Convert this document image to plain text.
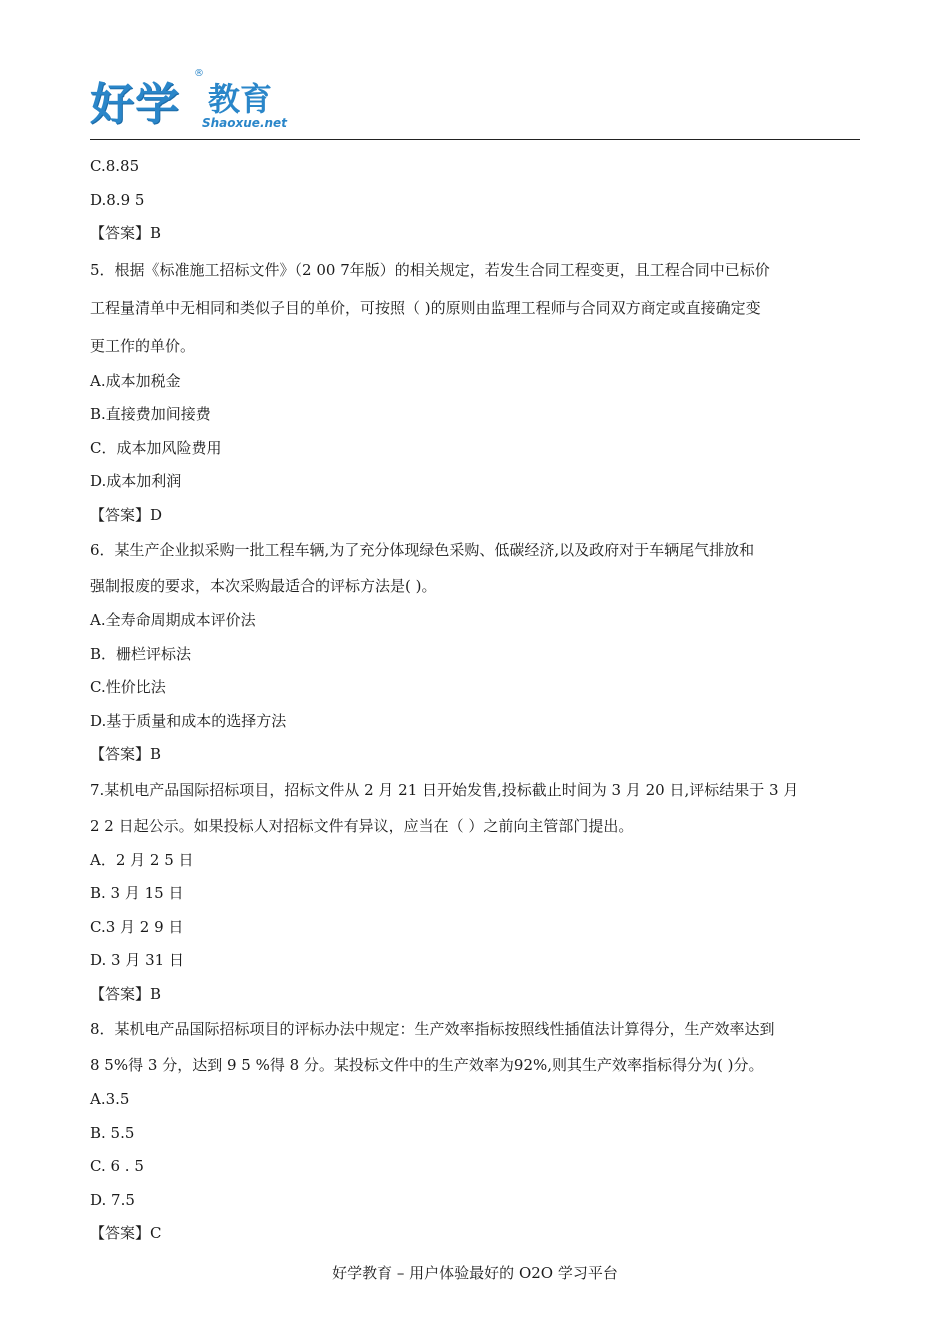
好学
®
教育
Shaoxue.net
C.8.85
D.8.9 5
【答案】B
5．根据《标准施工招标文件》（2 00 7年版）的相关规定，若发生合同工程变更，且工程合同中已标价
工程量清单中无相同和类似子目的单价，可按照（ )的原则由监理工程师与合同双方商定或直接确定变
更工作的单价。
A.成本加税金
B.直接费加间接费
C．成本加风险费用
D.成本加利润
【答案】D
6．某生产企业拟采购一批工程车辆,为了充分体现绿色采购、低碳经济,以及政府对于车辆尾气排放和
强制报废的要求，本次采购最适合的评标方法是( )。
A.全寿命周期成本评价法
B．栅栏评标法
C.性价比法
D.基于质量和成本的选择方法
【答案】B
7.某机电产品国际招标项目，招标文件从 2 月 21 日开始发售,投标截止时间为 3 月 20 日,评标结果于 3 月
2 2 日起公示。如果投标人对招标文件有异议，应当在（ ）之前向主管部门提出。
A．2 月 2 5 日
B. 3 月 15 日
C.3 月 2 9 日
D. 3 月 31 日
【答案】B
8．某机电产品国际招标项目的评标办法中规定：生产效率指标按照线性插值法计算得分，生产效率达到
8 5%得 3 分，达到 9 5 %得 8 分。某投标文件中的生产效率为92%,则其生产效率指标得分为( )分。
A.3.5
B. 5.5
C. 6 . 5
D. 7.5
【答案】C
好学教育 – 用户体验最好的 O2O 学习平台
